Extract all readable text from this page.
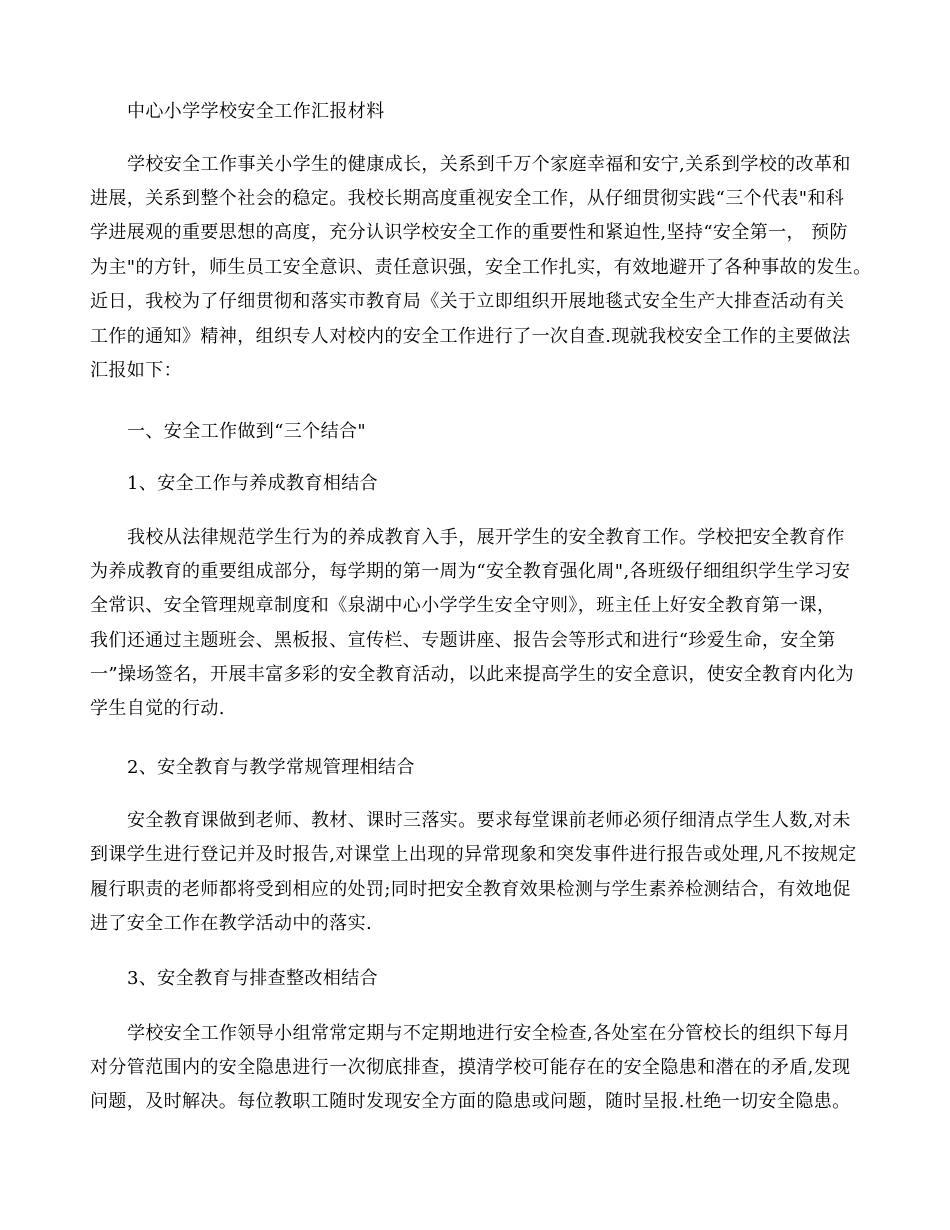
中心小学学校安全工作汇报材料
学校安全工作事关小学生的健康成长，关系到千万个家庭幸福和安宁,关系到学校的改革和
进展，关系到整个社会的稳定。我校长期高度重视安全工作，从仔细贯彻实践“三个代表"和科
学进展观的重要思想的高度，充分认识学校安全工作的重要性和紧迫性,坚持“安全第一， 预防
为主"的方针，师生员工安全意识、责任意识强，安全工作扎实，有效地避开了各种事故的发生。
近日，我校为了仔细贯彻和落实市教育局《关于立即组织开展地毯式安全生产大排查活动有关
工作的通知》精神，组织专人对校内的安全工作进行了一次自查.现就我校安全工作的主要做法
汇报如下：
一、安全工作做到“三个结合"
1、安全工作与养成教育相结合
我校从法律规范学生行为的养成教育入手，展开学生的安全教育工作。学校把安全教育作
为养成教育的重要组成部分，每学期的第一周为“安全教育强化周",各班级仔细组织学生学习安
全常识、安全管理规章制度和《泉湖中心小学学生安全守则》，班主任上好安全教育第一课，
我们还通过主题班会、黑板报、宣传栏、专题讲座、报告会等形式和进行“珍爱生命，安全第
一”操场签名，开展丰富多彩的安全教育活动，以此来提高学生的安全意识，使安全教育内化为
学生自觉的行动.
2、安全教育与教学常规管理相结合
安全教育课做到老师、教材、课时三落实。要求每堂课前老师必须仔细清点学生人数,对未
到课学生进行登记并及时报告,对课堂上出现的异常现象和突发事件进行报告或处理,凡不按规定
履行职责的老师都将受到相应的处罚;同时把安全教育效果检测与学生素养检测结合，有效地促
进了安全工作在教学活动中的落实.
3、安全教育与排查整改相结合
学校安全工作领导小组常常定期与不定期地进行安全检查,各处室在分管校长的组织下每月
对分管范围内的安全隐患进行一次彻底排查，摸清学校可能存在的安全隐患和潜在的矛盾,发现
问题，及时解决。每位教职工随时发现安全方面的隐患或问题，随时呈报.杜绝一切安全隐患。
